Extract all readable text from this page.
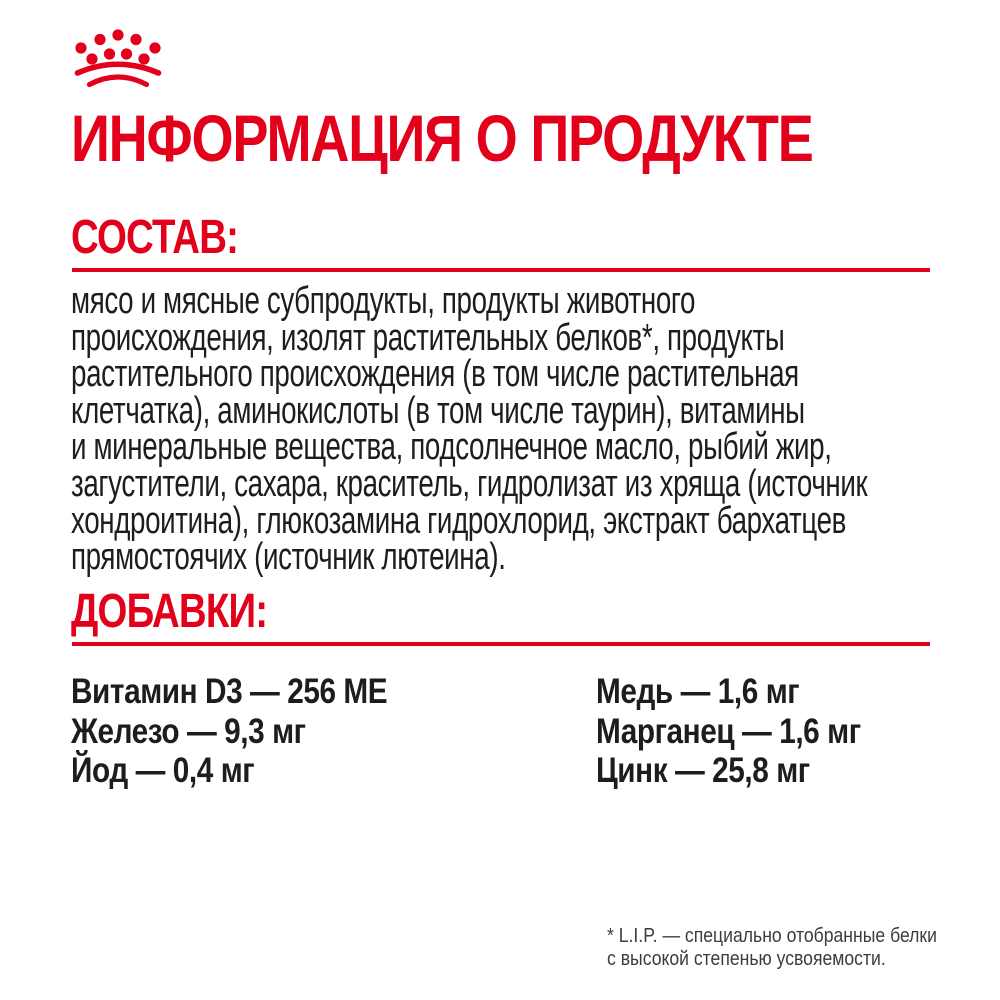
ИНФОРМАЦИЯ О ПРОДУКТЕ
СОСТАВ:
мясо и мясные субпродукты, продукты животного
происхождения, изолят растительных белков*, продукты
растительного происхождения (в том числе растительная
клетчатка), аминокислоты (в том числе таурин), витамины
и минеральные вещества, подсолнечное масло, рыбий жир,
загустители, сахара, краситель, гидролизат из хряща (источник
хондроитина), глюкозамина гидрохлорид, экстракт бархатцев
прямостоячих (источник лютеина).
ДОБАВКИ:
Витамин D3 — 256 МЕ
Железо — 9,3 мг
Йод — 0,4 мг
Медь — 1,6 мг
Марганец — 1,6 мг
Цинк — 25,8 мг
* L.I.P. — специально отобранные белки
с высокой степенью усвояемости.
